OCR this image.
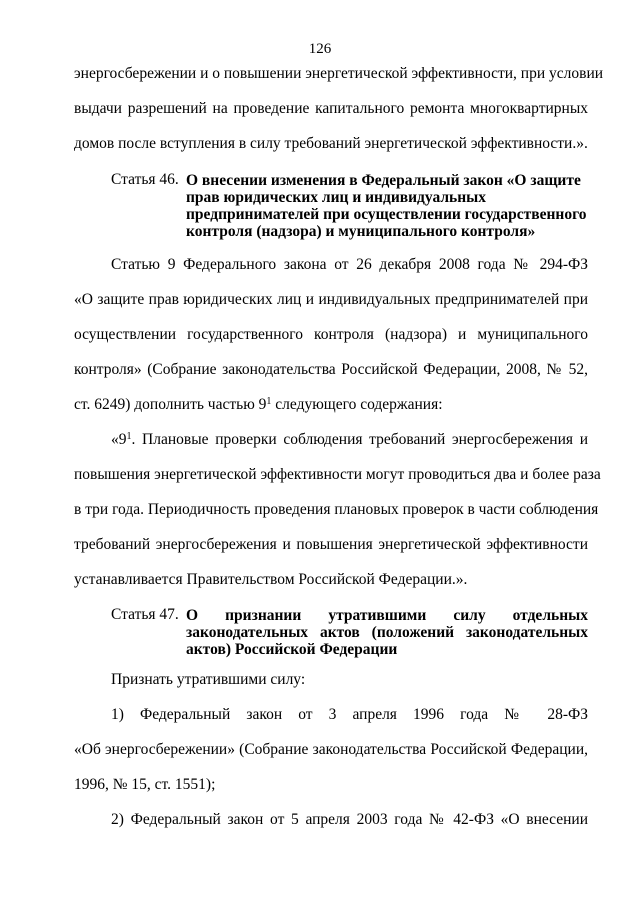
126
энергосбережении и о повышении энергетической эффективности, при условии
выдачи разрешений на проведение капитального ремонта многоквартирных
домов после вступления в силу требований энергетической эффективности.».
Статья 46. О внесении изменения в Федеральный закон «О защите
прав юридических лиц и индивидуальных
предпринимателей при осуществлении государственного
контроля (надзора) и муниципального контроля»
Статью 9 Федерального закона от 26 декабря 2008 года № 294-ФЗ
«О защите прав юридических лиц и индивидуальных предпринимателей при
осуществлении государственного контроля (надзора) и муниципального
контроля» (Собрание законодательства Российской Федерации, 2008, № 52,
ст. 6249) дополнить частью $9^1$ следующего содержания:
«$9^1$. Плановые проверки соблюдения требований энергосбережения и
повышения энергетической эффективности могут проводиться два и более раза
в три года. Периодичность проведения плановых проверок в части соблюдения
требований энергосбережения и повышения энергетической эффективности
устанавливается Правительством Российской Федерации.».
Статья 47. О признании утратившими силу отдельных
законодательных актов (положений законодательных
актов) Российской Федерации
Признать утратившими силу:
1) Федеральный закон от 3 апреля 1996 года № 28-ФЗ
«Об энергосбережении» (Собрание законодательства Российской Федерации,
1996, № 15, ст. 1551);
2) Федеральный закон от 5 апреля 2003 года № 42-ФЗ «О внесении
